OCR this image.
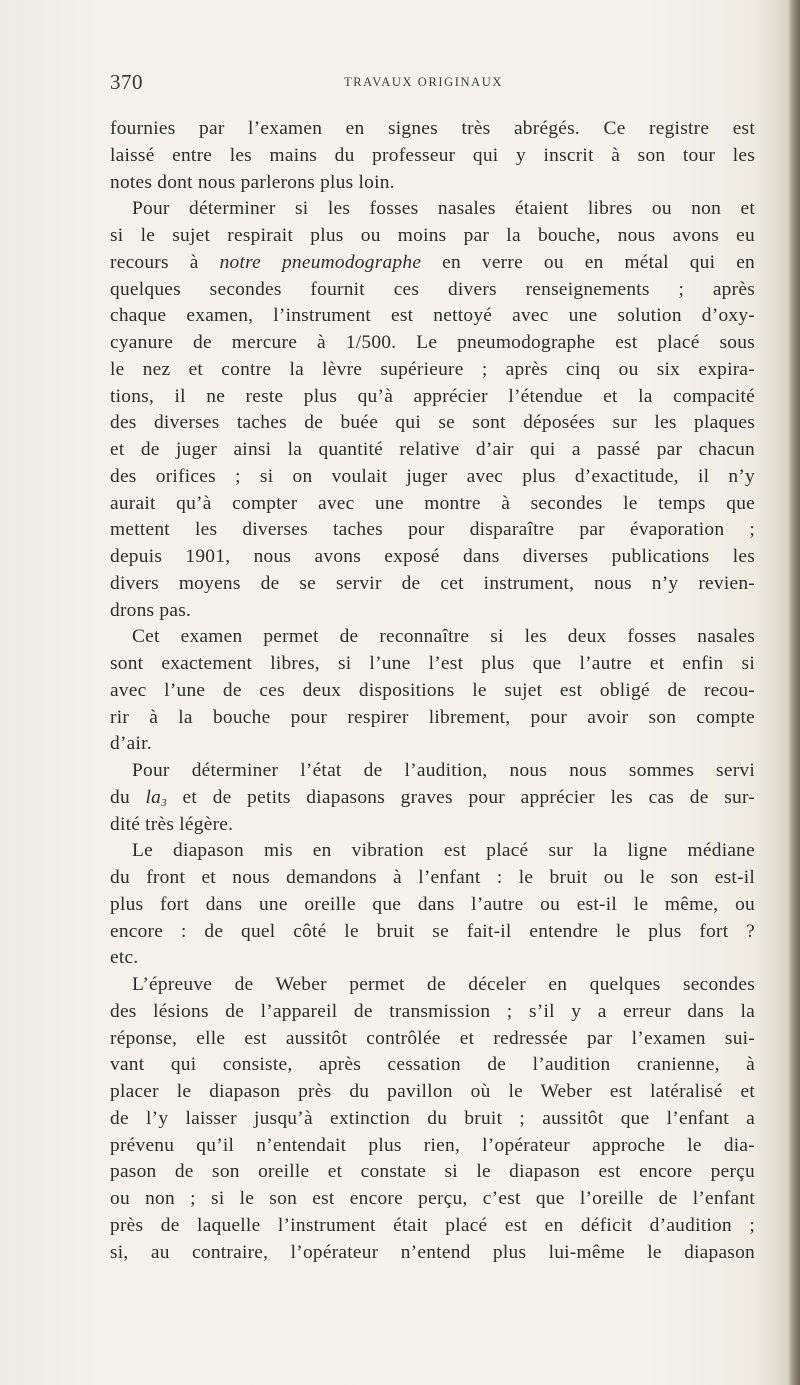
370	TRAVAUX ORIGINAUX
fournies par l’examen en signes très abrégés. Ce registre est
laissé entre les mains du professeur qui y inscrit à son tour les
notes dont nous parlerons plus loin.
Pour déterminer si les fosses nasales étaient libres ou non et
si le sujet respirait plus ou moins par la bouche, nous avons eu
recours à notre pneumodographe en verre ou en métal qui en
quelques secondes fournit ces divers renseignements ; après
chaque examen, l’instrument est nettoyé avec une solution d’oxy-
cyanure de mercure à 1/500. Le pneumodographe est placé sous
le nez et contre la lèvre supérieure ; après cinq ou six expira-
tions, il ne reste plus qu’à apprécier l’étendue et la compacité
des diverses taches de buée qui se sont déposées sur les plaques
et de juger ainsi la quantité relative d’air qui a passé par chacun
des orifices ; si on voulait juger avec plus d’exactitude, il n’y
aurait qu’à compter avec une montre à secondes le temps que
mettent les diverses taches pour disparaître par évaporation ;
depuis 1901, nous avons exposé dans diverses publications les
divers moyens de se servir de cet instrument, nous n’y revien-
drons pas.
Cet examen permet de reconnaître si les deux fosses nasales
sont exactement libres, si l’une l’est plus que l’autre et enfin si
avec l’une de ces deux dispositions le sujet est obligé de recou-
rir à la bouche pour respirer librement, pour avoir son compte
d’air.
Pour déterminer l’état de l’audition, nous nous sommes servi
du $la_3$ et de petits diapasons graves pour apprécier les cas de sur-
dité très légère.
Le diapason mis en vibration est placé sur la ligne médiane
du front et nous demandons à l’enfant : le bruit ou le son est-il
plus fort dans une oreille que dans l’autre ou est-il le même, ou
encore : de quel côté le bruit se fait-il entendre le plus fort ?
etc.
L’épreuve de Weber permet de déceler en quelques secondes
des lésions de l’appareil de transmission ; s’il y a erreur dans la
réponse, elle est aussitôt contrôlée et redressée par l’examen sui-
vant qui consiste, après cessation de l’audition cranienne, à
placer le diapason près du pavillon où le Weber est latéralisé et
de l’y laisser jusqu’à extinction du bruit ; aussitôt que l’enfant a
prévenu qu’il n’entendait plus rien, l’opérateur approche le dia-
pason de son oreille et constate si le diapason est encore perçu
ou non ; si le son est encore perçu, c’est que l’oreille de l’enfant
près de laquelle l’instrument était placé est en déficit d’audition ;
si, au contraire, l’opérateur n’entend plus lui-même le diapason
